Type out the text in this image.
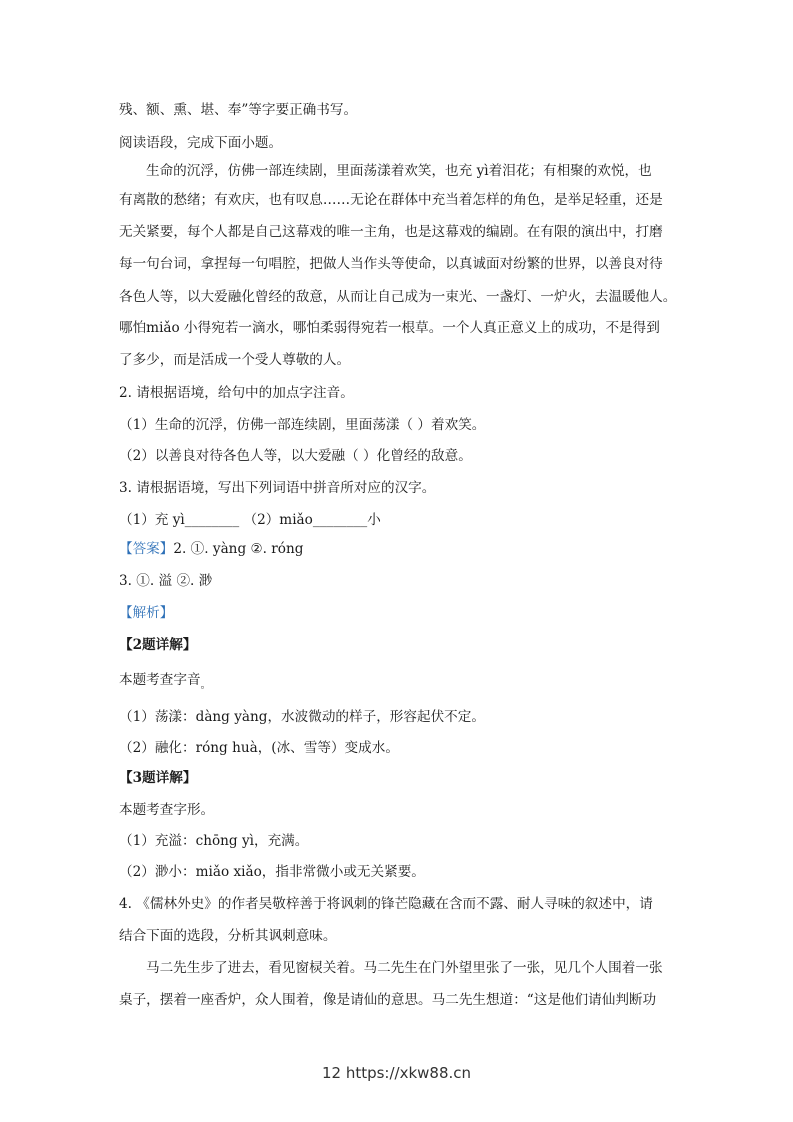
残、额、熏、堪、奉”等字要正确书写。
阅读语段，完成下面小题。
生命的沉浮，仿佛一部连续剧，里面荡漾着欢笑，也充 yì着泪花；有相聚的欢悦，也
有离散的愁绪；有欢庆，也有叹息……无论在群体中充当着怎样的角色，是举足轻重，还是
无关紧要，每个人都是自己这幕戏的唯一主角，也是这幕戏的编剧。在有限的演出中，打磨
每一句台词，拿捏每一句唱腔，把做人当作头等使命，以真诚面对纷繁的世界，以善良对待
各色人等，以大爱融化曾经的敌意，从而让自己成为一束光、一盏灯、一炉火，去温暖他人。
哪怕miǎo 小得宛若一滴水，哪怕柔弱得宛若一根草。一个人真正意义上的成功，不是得到
了多少，而是活成一个受人尊敬的人。
2. 请根据语境，给句中的加点字注音。
（1）生命的沉浮，仿佛一部连续剧，里面荡漾（ ）着欢笑。
（2）以善良对待各色人等，以大爱融（ ）化曾经的敌意。
3. 请根据语境，写出下列词语中拼音所对应的汉字。
（1）充 yì________ （2）miǎo________小
【答案】2. ①. yàng ②. róng
3. ①. 溢 ②. 渺
【解析】
【2题详解】
本题考查字音$_。$
（1）荡漾：dàng yàng，水波微动的样子，形容起伏不定。
（2）融化：róng huà，(冰、雪等）变成水。
【3题详解】
本题考查字形。
（1）充溢：chōng yì，充满。
（2）渺小：miǎo xiǎo，指非常微小或无关紧要。
4. 《儒林外史》的作者吴敬梓善于将讽刺的锋芒隐藏在含而不露、耐人寻味的叙述中，请
结合下面的选段，分析其讽刺意味。
马二先生步了进去，看见窗棂关着。马二先生在门外望里张了一张，见几个人围着一张
桌子，摆着一座香炉，众人围着，像是请仙的意思。马二先生想道：“这是他们请仙判断功
12 https://xkw88.cn
